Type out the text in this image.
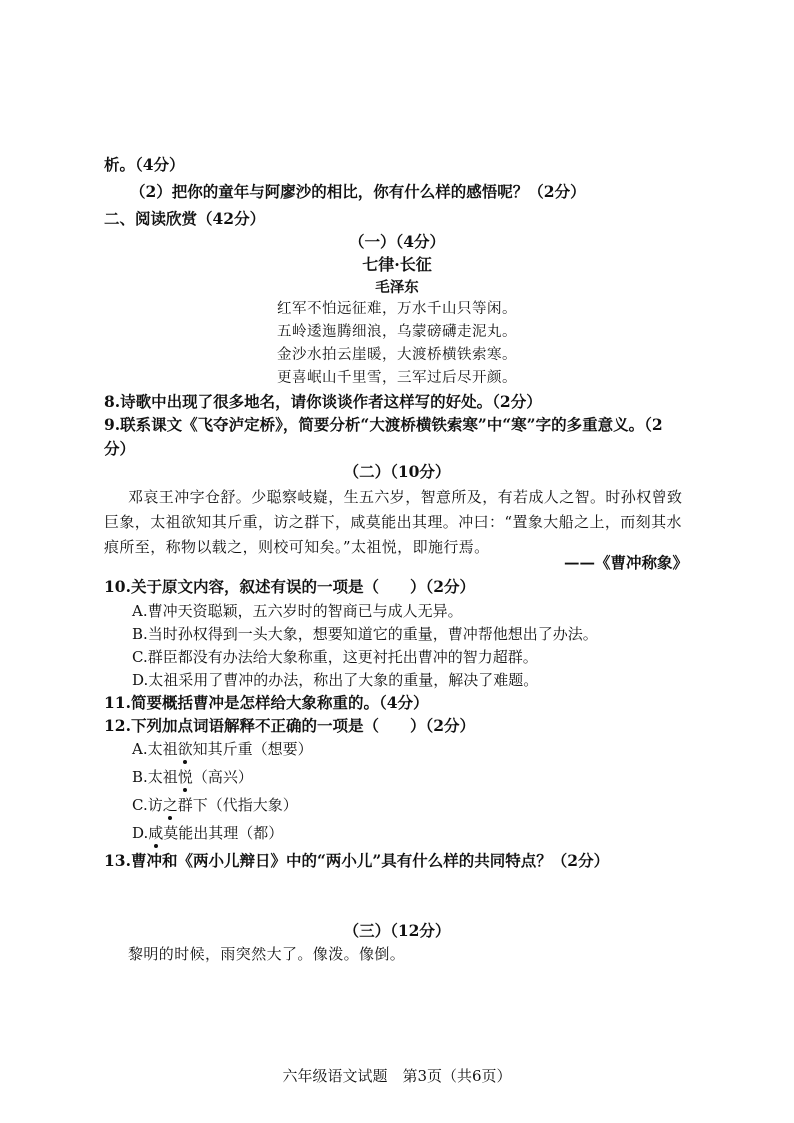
析。（4分）
（2）把你的童年与阿廖沙的相比，你有什么样的感悟呢？（2分）
二、阅读欣赏（42分）
（一）（4分）
七律·长征
毛泽东
红军不怕远征难，万水千山只等闲。
五岭逶迤腾细浪，乌蒙磅礴走泥丸。
金沙水拍云崖暖，大渡桥横铁索寒。
更喜岷山千里雪，三军过后尽开颜。
8.诗歌中出现了很多地名，请你谈谈作者这样写的好处。（2分）
9.联系课文《飞夺泸定桥》，简要分析“大渡桥横铁索寒”中“寒”字的多重意义。（2
分）
（二）（10分）
邓哀王冲字仓舒。少聪察岐嶷，生五六岁，智意所及，有若成人之智。时孙权曾致
巨象，太祖欲知其斤重，访之群下，咸莫能出其理。冲曰：“置象大船之上，而刻其水
痕所至，称物以载之，则校可知矣。”太祖悦，即施行焉。
——《曹冲称象》
10.关于原文内容，叙述有误的一项是（　　）（2分）
A.曹冲天资聪颖，五六岁时的智商已与成人无异。
B.当时孙权得到一头大象，想要知道它的重量，曹冲帮他想出了办法。
C.群臣都没有办法给大象称重，这更衬托出曹冲的智力超群。
D.太祖采用了曹冲的办法，称出了大象的重量，解决了难题。
11.简要概括曹冲是怎样给大象称重的。（4分）
12.下列加点词语解释不正确的一项是（　　）（2分）
A.太祖欲知其斤重（想要）
B.太祖悦（高兴）
C.访之群下（代指大象）
D.咸莫能出其理（都）
13.曹冲和《两小儿辩日》中的“两小儿”具有什么样的共同特点？（2分）
（三）（12分）
黎明的时候，雨突然大了。像泼。像倒。
六年级语文试题　第3页（共6页）
